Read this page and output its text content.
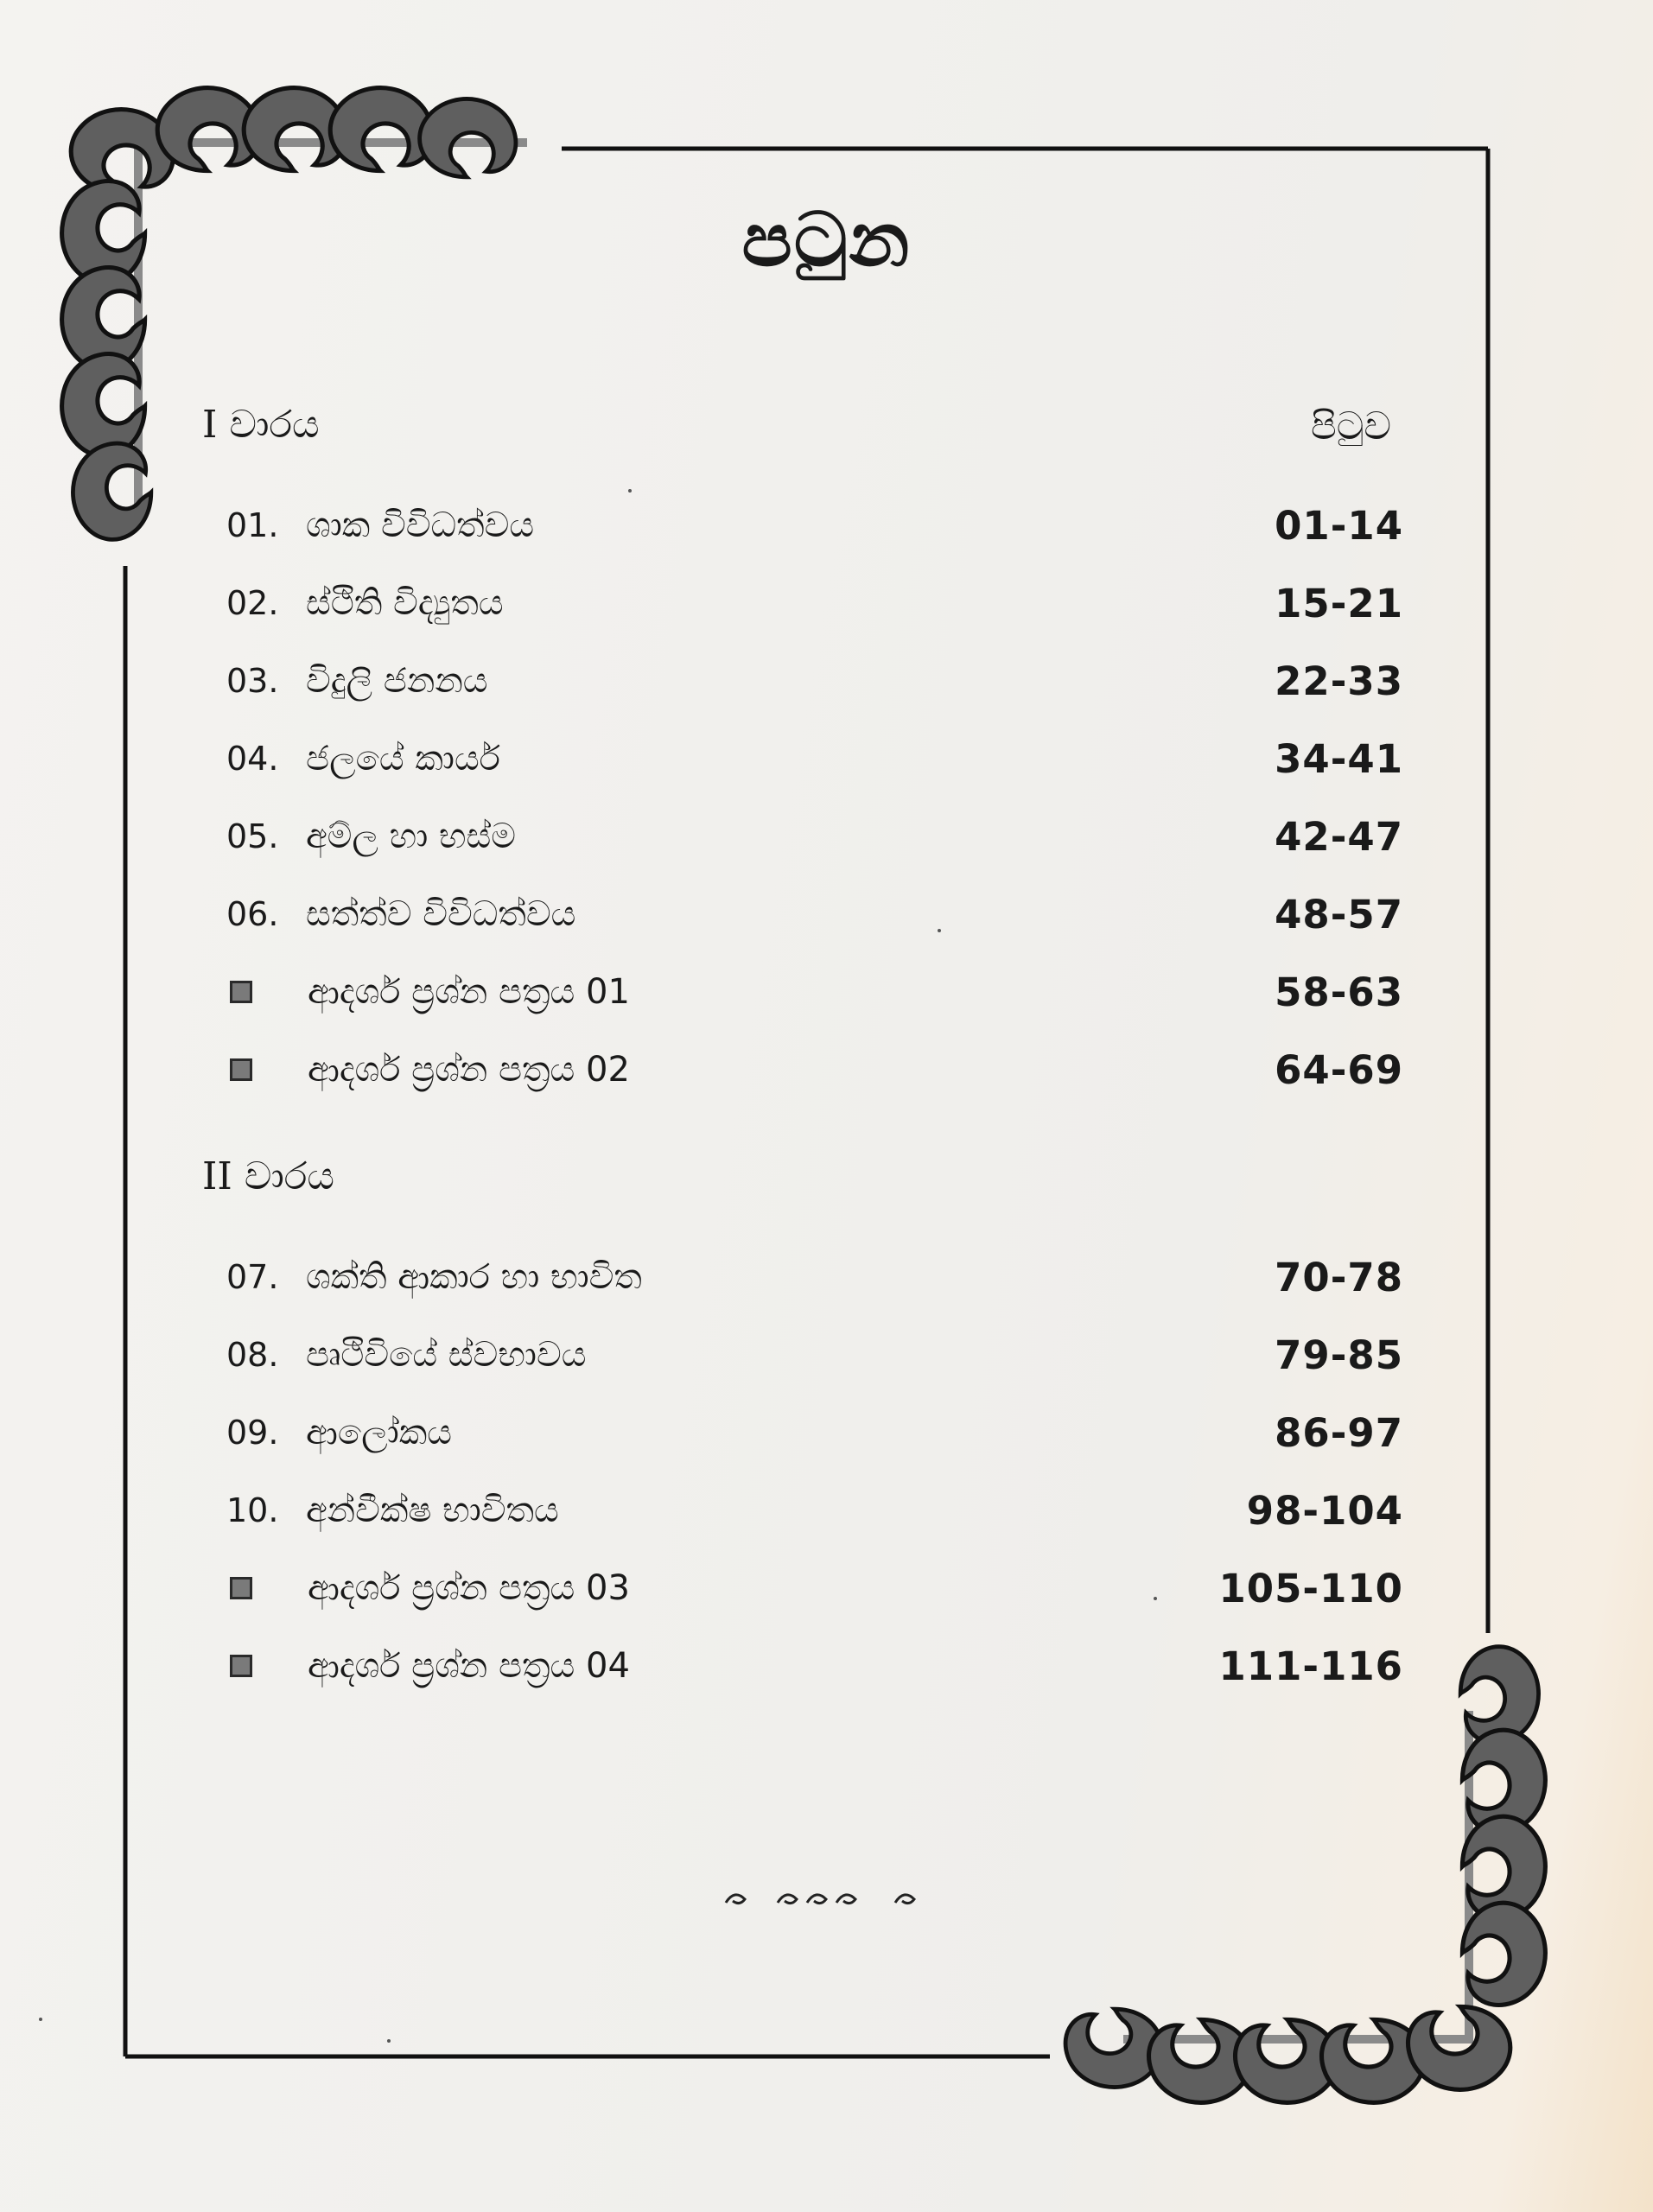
පටුන
පිටුව
I වාරය
01. ශාක විවිධත්වය	01-14
02. ස්ථිති විද්‍යුතය	15-21
03. විදුලි ජනනය	22-33
04. ජලයේ කාර්ය	34-41
05. අම්ල හා භස්ම	42-47
06. සත්ත්ව විවිධත්වය	48-57
ආදර්ශ ප්‍රශ්න පත්‍රය 01	58-63
ආදර්ශ ප්‍රශ්න පත්‍රය 02	64-69
II වාරය
07. ශක්ති ආකාර හා භාවිත	70-78
08. පෘථිවියේ ස්වභාවය	79-85
09. ආලෝකය	86-97
10. අන්වීක්ෂ භාවිතය	98-104
ආදර්ශ ප්‍රශ්න පත්‍රය 03	105-110
ආදර්ශ ප්‍රශ්න පත්‍රය 04	111-116
